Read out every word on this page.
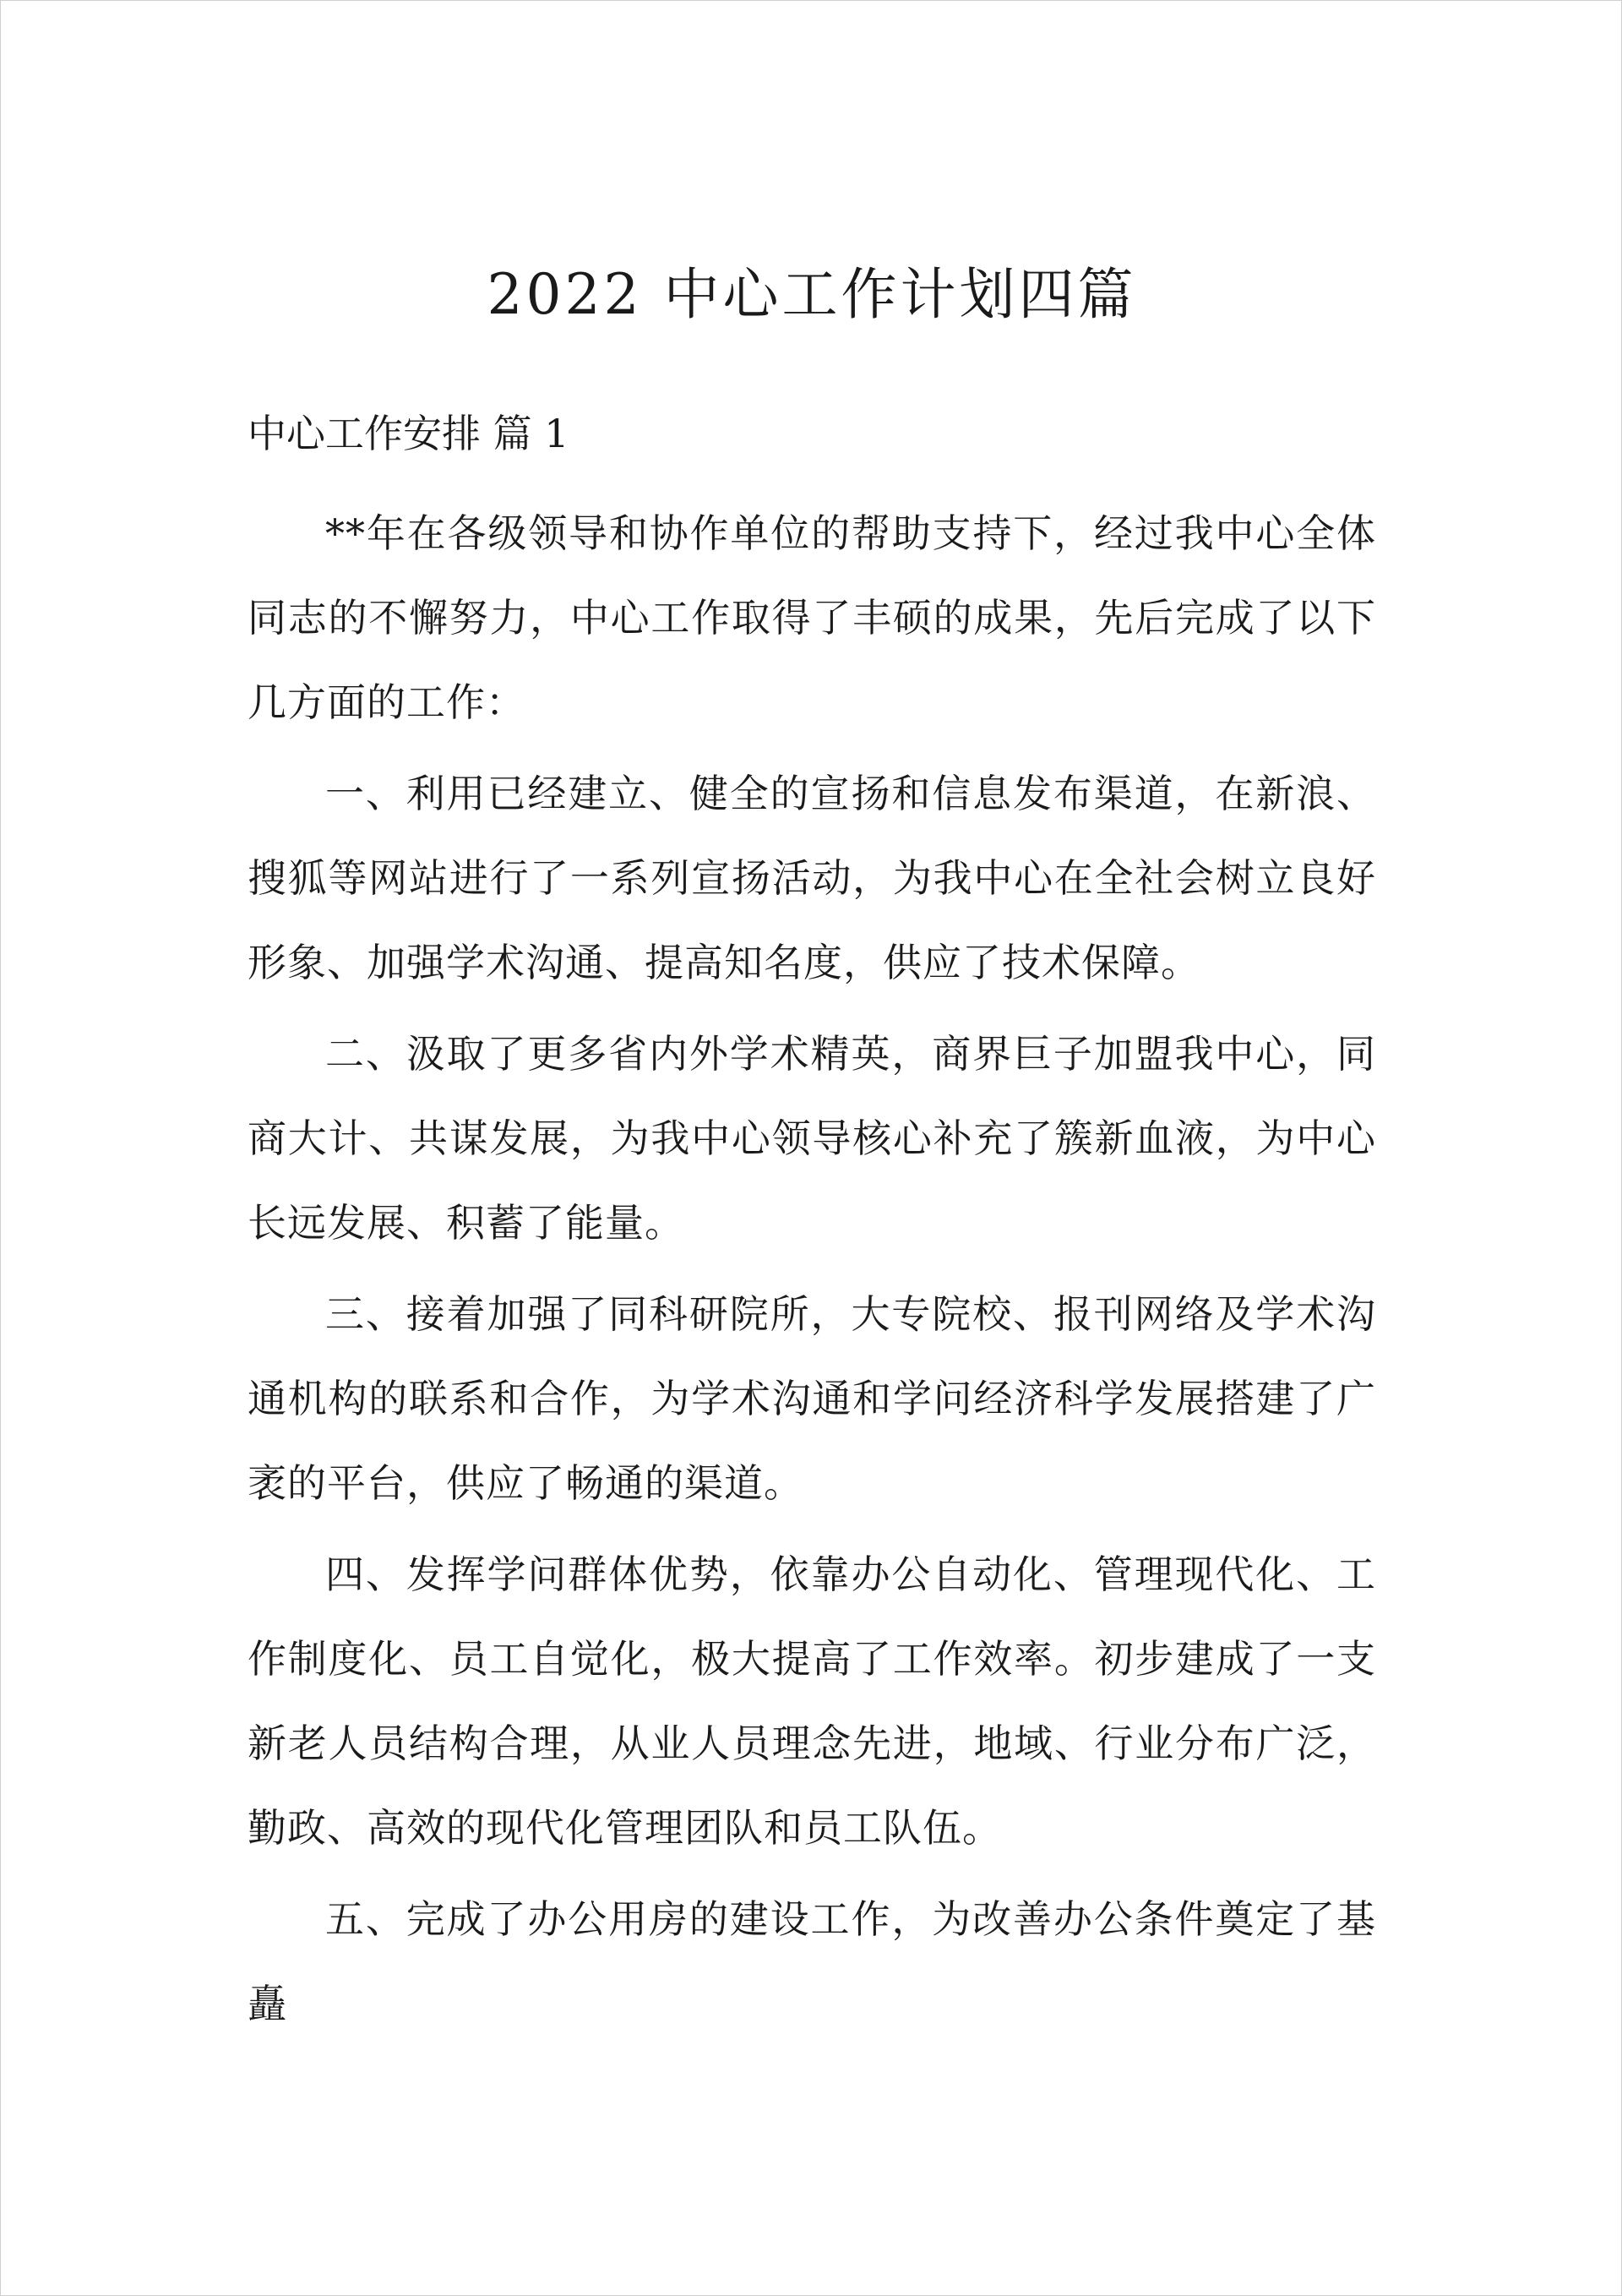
2022 中心工作计划四篇
中心工作安排 篇 1

**年在各级领导和协作单位的帮助支持下，经过我中心全体同志的不懈努力，中心工作取得了丰硕的成果，先后完成了以下几方面的工作：

一、利用已经建立、健全的宣扬和信息发布渠道，在新浪、搜狐等网站进行了一系列宣扬活动，为我中心在全社会树立良好形象、加强学术沟通、提高知名度，供应了技术保障。

二、汲取了更多省内外学术精英，商界巨子加盟我中心，同商大计、共谋发展，为我中心领导核心补充了簇新血液，为中心长远发展、积蓄了能量。

三、接着加强了同科研院所，大专院校、报刊网络及学术沟通机构的联系和合作，为学术沟通和学问经济科学发展搭建了广袤的平台，供应了畅通的渠道。

四、发挥学问群体优势，依靠办公自动化、管理现代化、工作制度化、员工自觉化，极大提高了工作效率。初步建成了一支新老人员结构合理，从业人员理念先进，地域、行业分布广泛，勤政、高效的现代化管理团队和员工队伍。

五、完成了办公用房的建设工作，为改善办公条件奠定了基矗
